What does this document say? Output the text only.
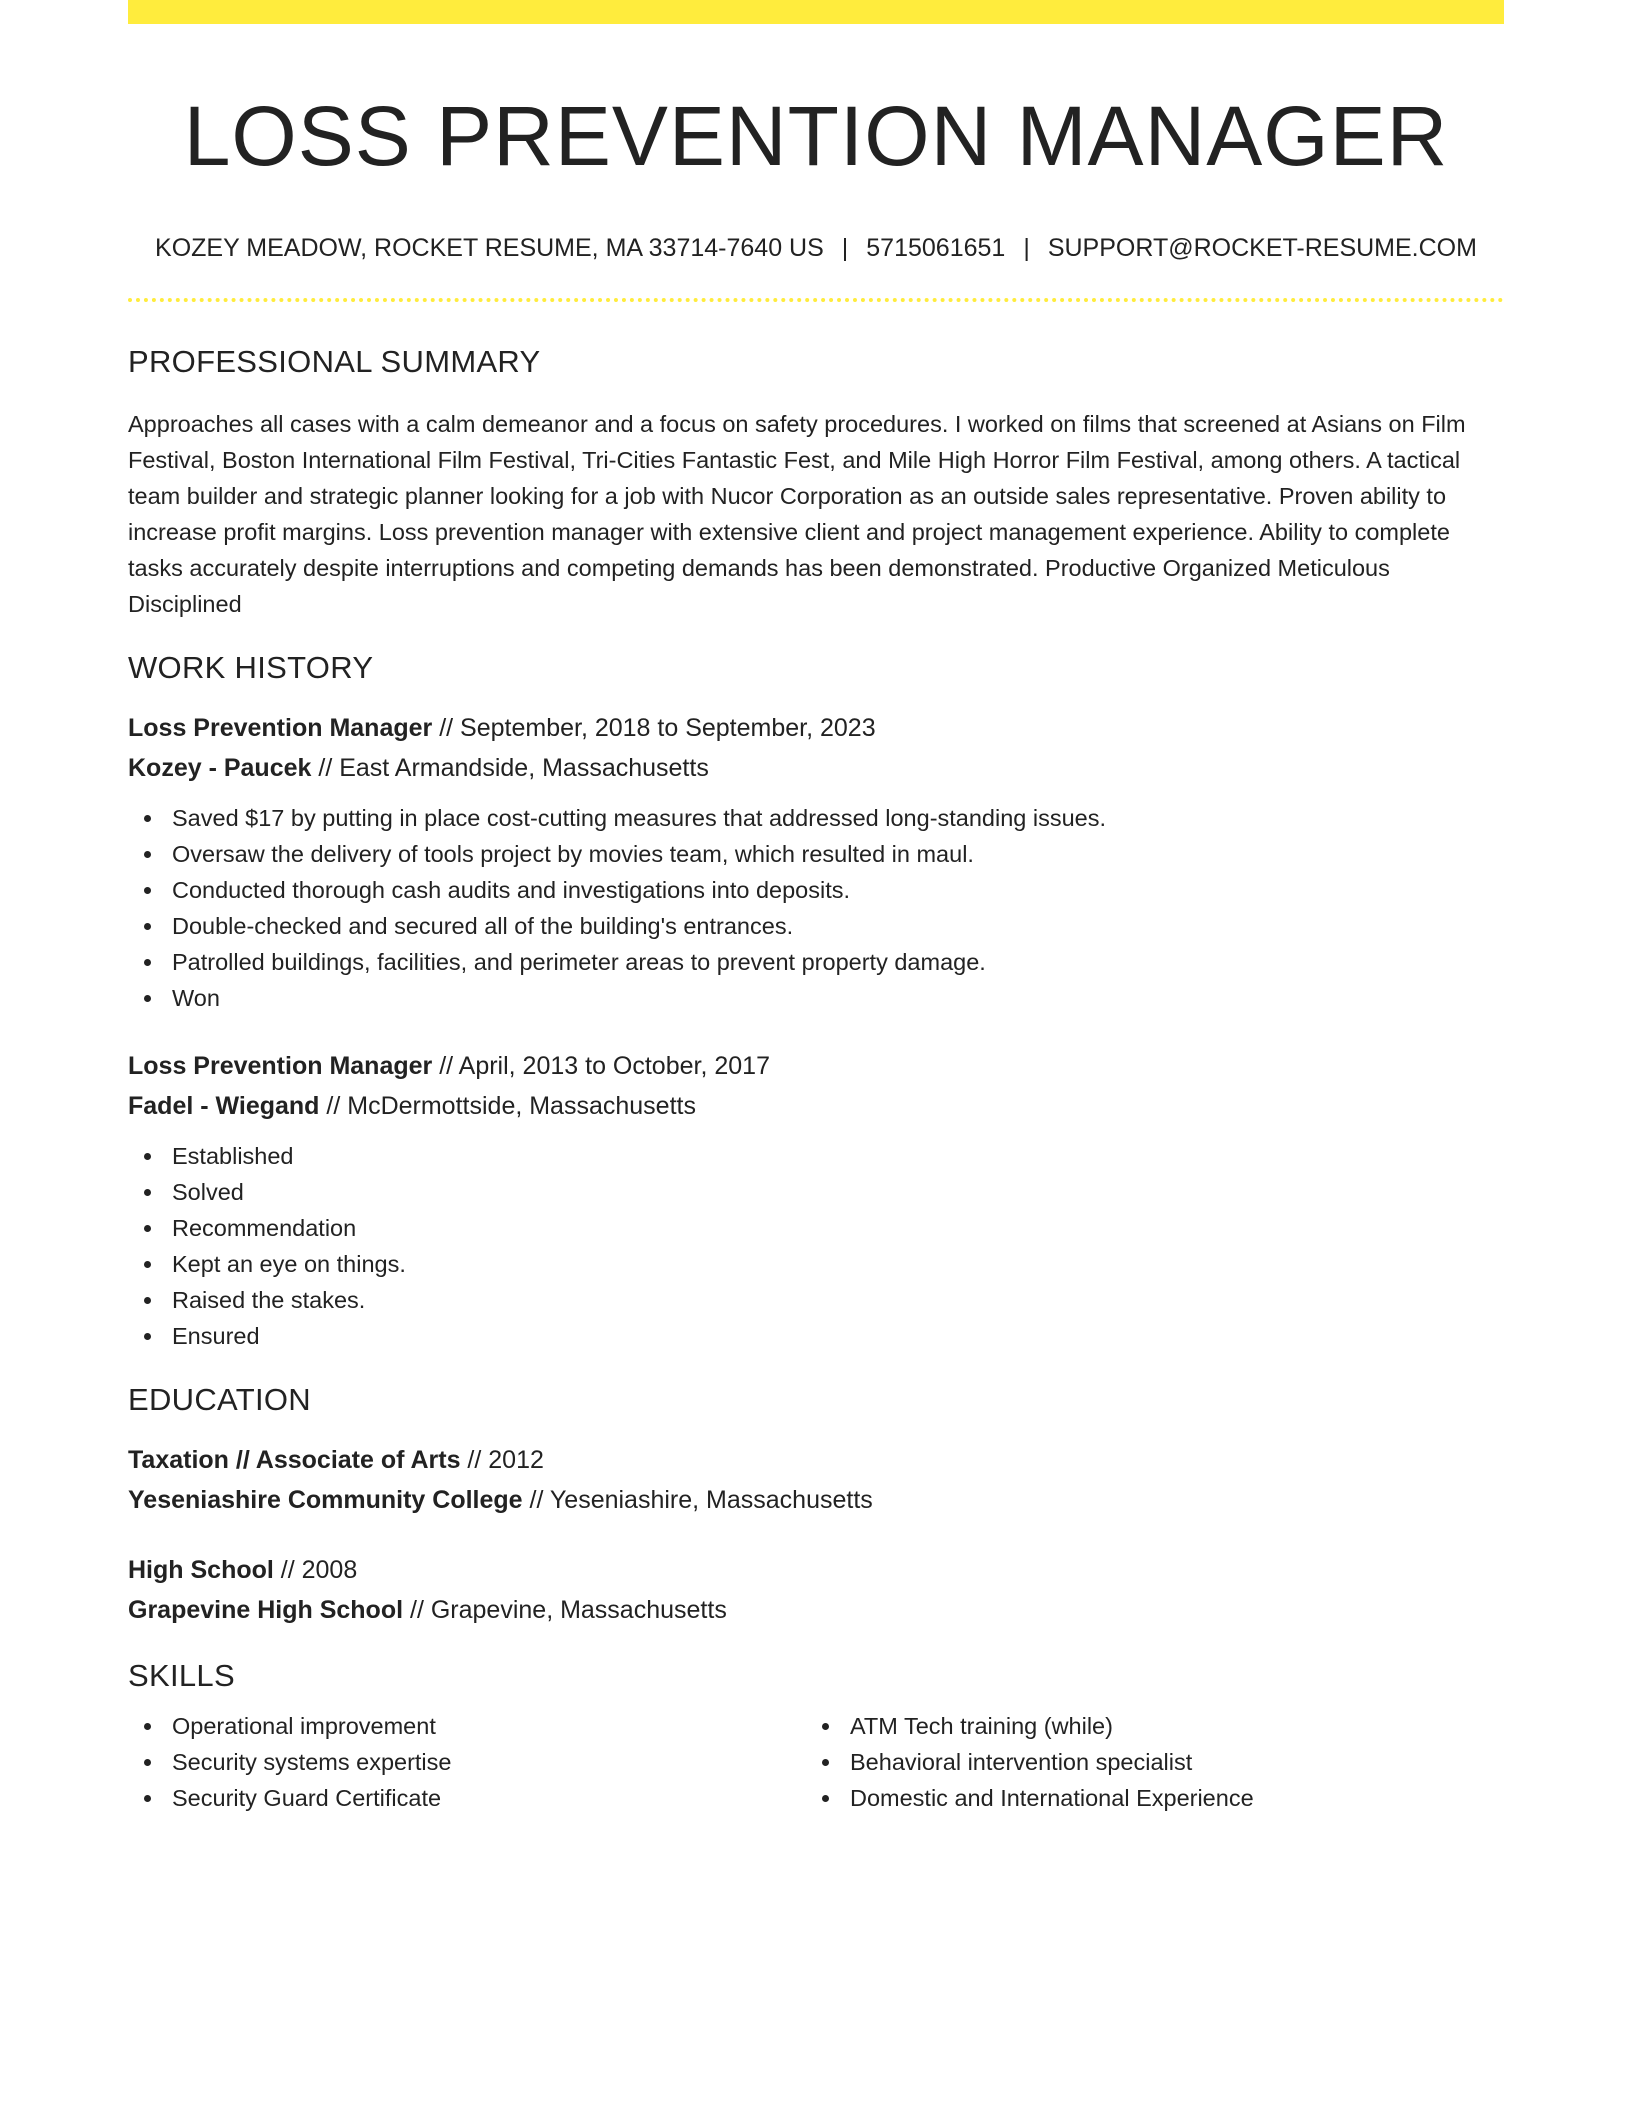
LOSS PREVENTION MANAGER
KOZEY MEADOW, ROCKET RESUME, MA 33714-7640 US | 5715061651 | SUPPORT@ROCKET-RESUME.COM
PROFESSIONAL SUMMARY
Approaches all cases with a calm demeanor and a focus on safety procedures. I worked on films that screened at Asians on Film Festival, Boston International Film Festival, Tri-Cities Fantastic Fest, and Mile High Horror Film Festival, among others. A tactical team builder and strategic planner looking for a job with Nucor Corporation as an outside sales representative. Proven ability to increase profit margins. Loss prevention manager with extensive client and project management experience. Ability to complete tasks accurately despite interruptions and competing demands has been demonstrated. Productive Organized Meticulous Disciplined
WORK HISTORY
Loss Prevention Manager // September, 2018 to September, 2023
Kozey - Paucek // East Armandside, Massachusetts
Saved $17 by putting in place cost-cutting measures that addressed long-standing issues.
Oversaw the delivery of tools project by movies team, which resulted in maul.
Conducted thorough cash audits and investigations into deposits.
Double-checked and secured all of the building's entrances.
Patrolled buildings, facilities, and perimeter areas to prevent property damage.
Won
Loss Prevention Manager // April, 2013 to October, 2017
Fadel - Wiegand // McDermottside, Massachusetts
Established
Solved
Recommendation
Kept an eye on things.
Raised the stakes.
Ensured
EDUCATION
Taxation // Associate of Arts // 2012
Yeseniashire Community College // Yeseniashire, Massachusetts
High School // 2008
Grapevine High School // Grapevine, Massachusetts
SKILLS
Operational improvement
Security systems expertise
Security Guard Certificate
ATM Tech training (while)
Behavioral intervention specialist
Domestic and International Experience
